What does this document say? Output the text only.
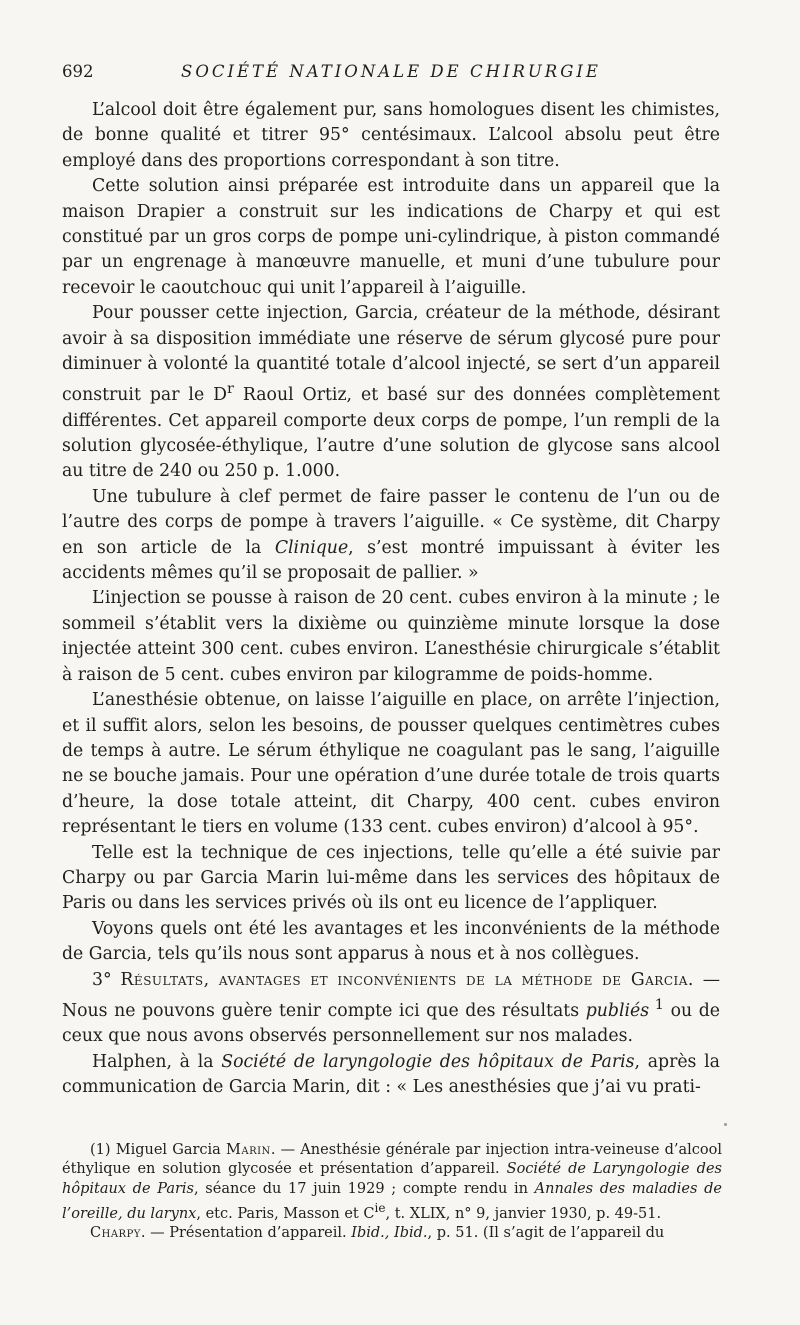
692	SOCIÉTÉ NATIONALE DE CHIRURGIE

L’alcool doit être également pur, sans homologues disent les chimistes, de bonne qualité et titrer 95° centésimaux. L’alcool absolu peut être employé dans des proportions correspondant à son titre.

Cette solution ainsi préparée est introduite dans un appareil que la maison Drapier a construit sur les indications de Charpy et qui est constitué par un gros corps de pompe uni-cylindrique, à piston commandé par un engrenage à manœuvre manuelle, et muni d’une tubulure pour recevoir le caoutchouc qui unit l’appareil à l’aiguille.

Pour pousser cette injection, Garcia, créateur de la méthode, désirant avoir à sa disposition immédiate une réserve de sérum glycosé pure pour diminuer à volonté la quantité totale d’alcool injecté, se sert d’un appareil construit par le $D^r$ Raoul Ortiz, et basé sur des données complètement différentes. Cet appareil comporte deux corps de pompe, l’un rempli de la solution glycosée-éthylique, l’autre d’une solution de glycose sans alcool au titre de 240 ou 250 p. 1.000.

Une tubulure à clef permet de faire passer le contenu de l’un ou de l’autre des corps de pompe à travers l’aiguille. « Ce système, dit Charpy en son article de la Clinique, s’est montré impuissant à éviter les accidents mêmes qu’il se proposait de pallier. »

L’injection se pousse à raison de 20 cent. cubes environ à la minute ; le sommeil s’établit vers la dixième ou quinzième minute lorsque la dose injectée atteint 300 cent. cubes environ. L’anesthésie chirurgicale s’établit à raison de 5 cent. cubes environ par kilogramme de poids-homme.

L’anesthésie obtenue, on laisse l’aiguille en place, on arrête l’injection, et il suffit alors, selon les besoins, de pousser quelques centimètres cubes de temps à autre. Le sérum éthylique ne coagulant pas le sang, l’aiguille ne se bouche jamais. Pour une opération d’une durée totale de trois quarts d’heure, la dose totale atteint, dit Charpy, 400 cent. cubes environ représentant le tiers en volume (133 cent. cubes environ) d’alcool à 95°.

Telle est la technique de ces injections, telle qu’elle a été suivie par Charpy ou par Garcia Marin lui-même dans les services des hôpitaux de Paris ou dans les services privés où ils ont eu licence de l’appliquer.

Voyons quels ont été les avantages et les inconvénients de la méthode de Garcia, tels qu’ils nous sont apparus à nous et à nos collègues.

3° Résultats, avantages et inconvénients de la méthode de Garcia. — Nous ne pouvons guère tenir compte ici que des résultats publiés $^1$ ou de ceux que nous avons observés personnellement sur nos malades.

Halphen, à la Société de laryngologie des hôpitaux de Paris, après la communication de Garcia Marin, dit : « Les anesthésies que j’ai vu prati-

(1) Miguel Garcia Marin. — Anesthésie générale par injection intra-veineuse d’alcool éthylique en solution glycosée et présentation d’appareil. Société de Laryngologie des hôpitaux de Paris, séance du 17 juin 1929 ; compte rendu in Annales des maladies de l’oreille, du larynx, etc. Paris, Masson et $C^{ie}$, t. XLIX, n° 9, janvier 1930, p. 49-51.

Charpy. — Présentation d’appareil. Ibid., Ibid., p. 51. (Il s’agit de l’appareil du
